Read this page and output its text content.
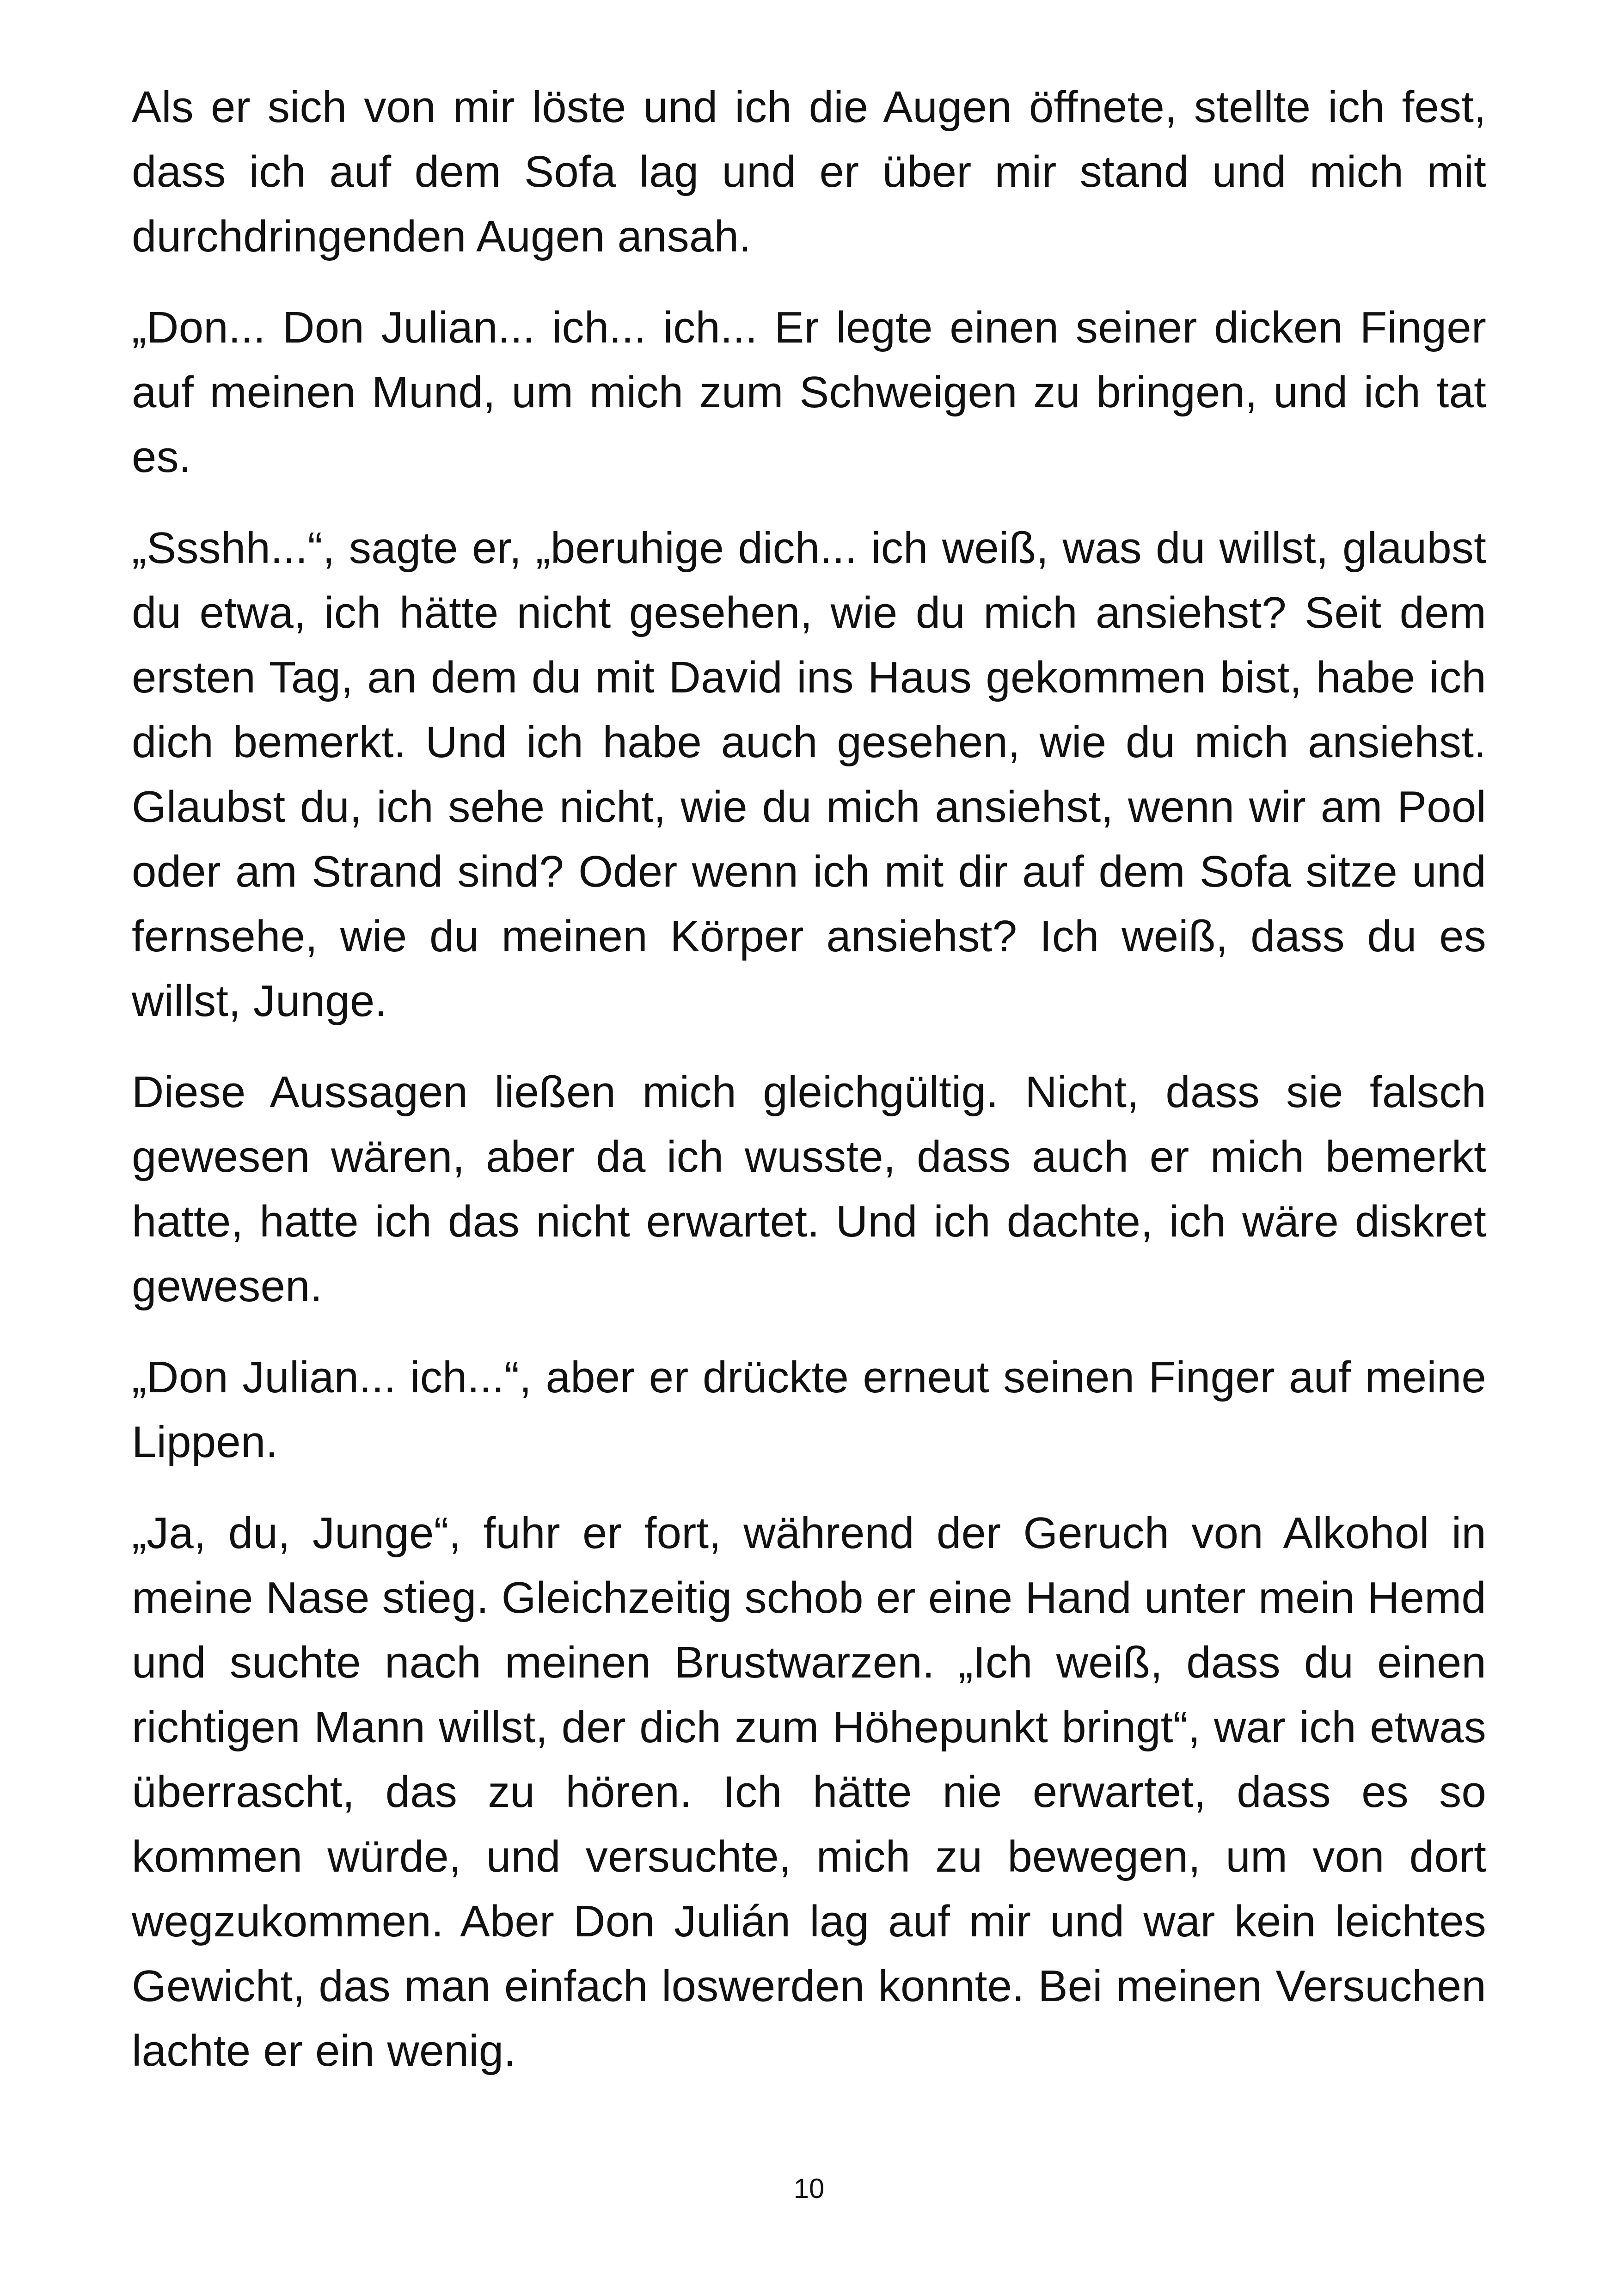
Als er sich von mir löste und ich die Augen öffnete, stellte ich fest, dass ich auf dem Sofa lag und er über mir stand und mich mit durchdringenden Augen ansah.

„Don... Don Julian... ich... ich... Er legte einen seiner dicken Finger auf meinen Mund, um mich zum Schweigen zu bringen, und ich tat es.

„Ssshh...“, sagte er, „beruhige dich... ich weiß, was du willst, glaubst du etwa, ich hätte nicht gesehen, wie du mich ansiehst? Seit dem ersten Tag, an dem du mit David ins Haus gekommen bist, habe ich dich bemerkt. Und ich habe auch gesehen, wie du mich ansiehst. Glaubst du, ich sehe nicht, wie du mich ansiehst, wenn wir am Pool oder am Strand sind? Oder wenn ich mit dir auf dem Sofa sitze und fernsehe, wie du meinen Körper ansiehst? Ich weiß, dass du es willst, Junge.

Diese Aussagen ließen mich gleichgültig. Nicht, dass sie falsch gewesen wären, aber da ich wusste, dass auch er mich bemerkt hatte, hatte ich das nicht erwartet. Und ich dachte, ich wäre diskret gewesen.

„Don Julian... ich...“, aber er drückte erneut seinen Finger auf meine Lippen.

„Ja, du, Junge“, fuhr er fort, während der Geruch von Alkohol in meine Nase stieg. Gleichzeitig schob er eine Hand unter mein Hemd und suchte nach meinen Brustwarzen. „Ich weiß, dass du einen richtigen Mann willst, der dich zum Höhepunkt bringt“, war ich etwas überrascht, das zu hören. Ich hätte nie erwartet, dass es so kommen würde, und versuchte, mich zu bewegen, um von dort wegzukommen. Aber Don Julián lag auf mir und war kein leichtes Gewicht, das man einfach loswerden konnte. Bei meinen Versuchen lachte er ein wenig.

10
